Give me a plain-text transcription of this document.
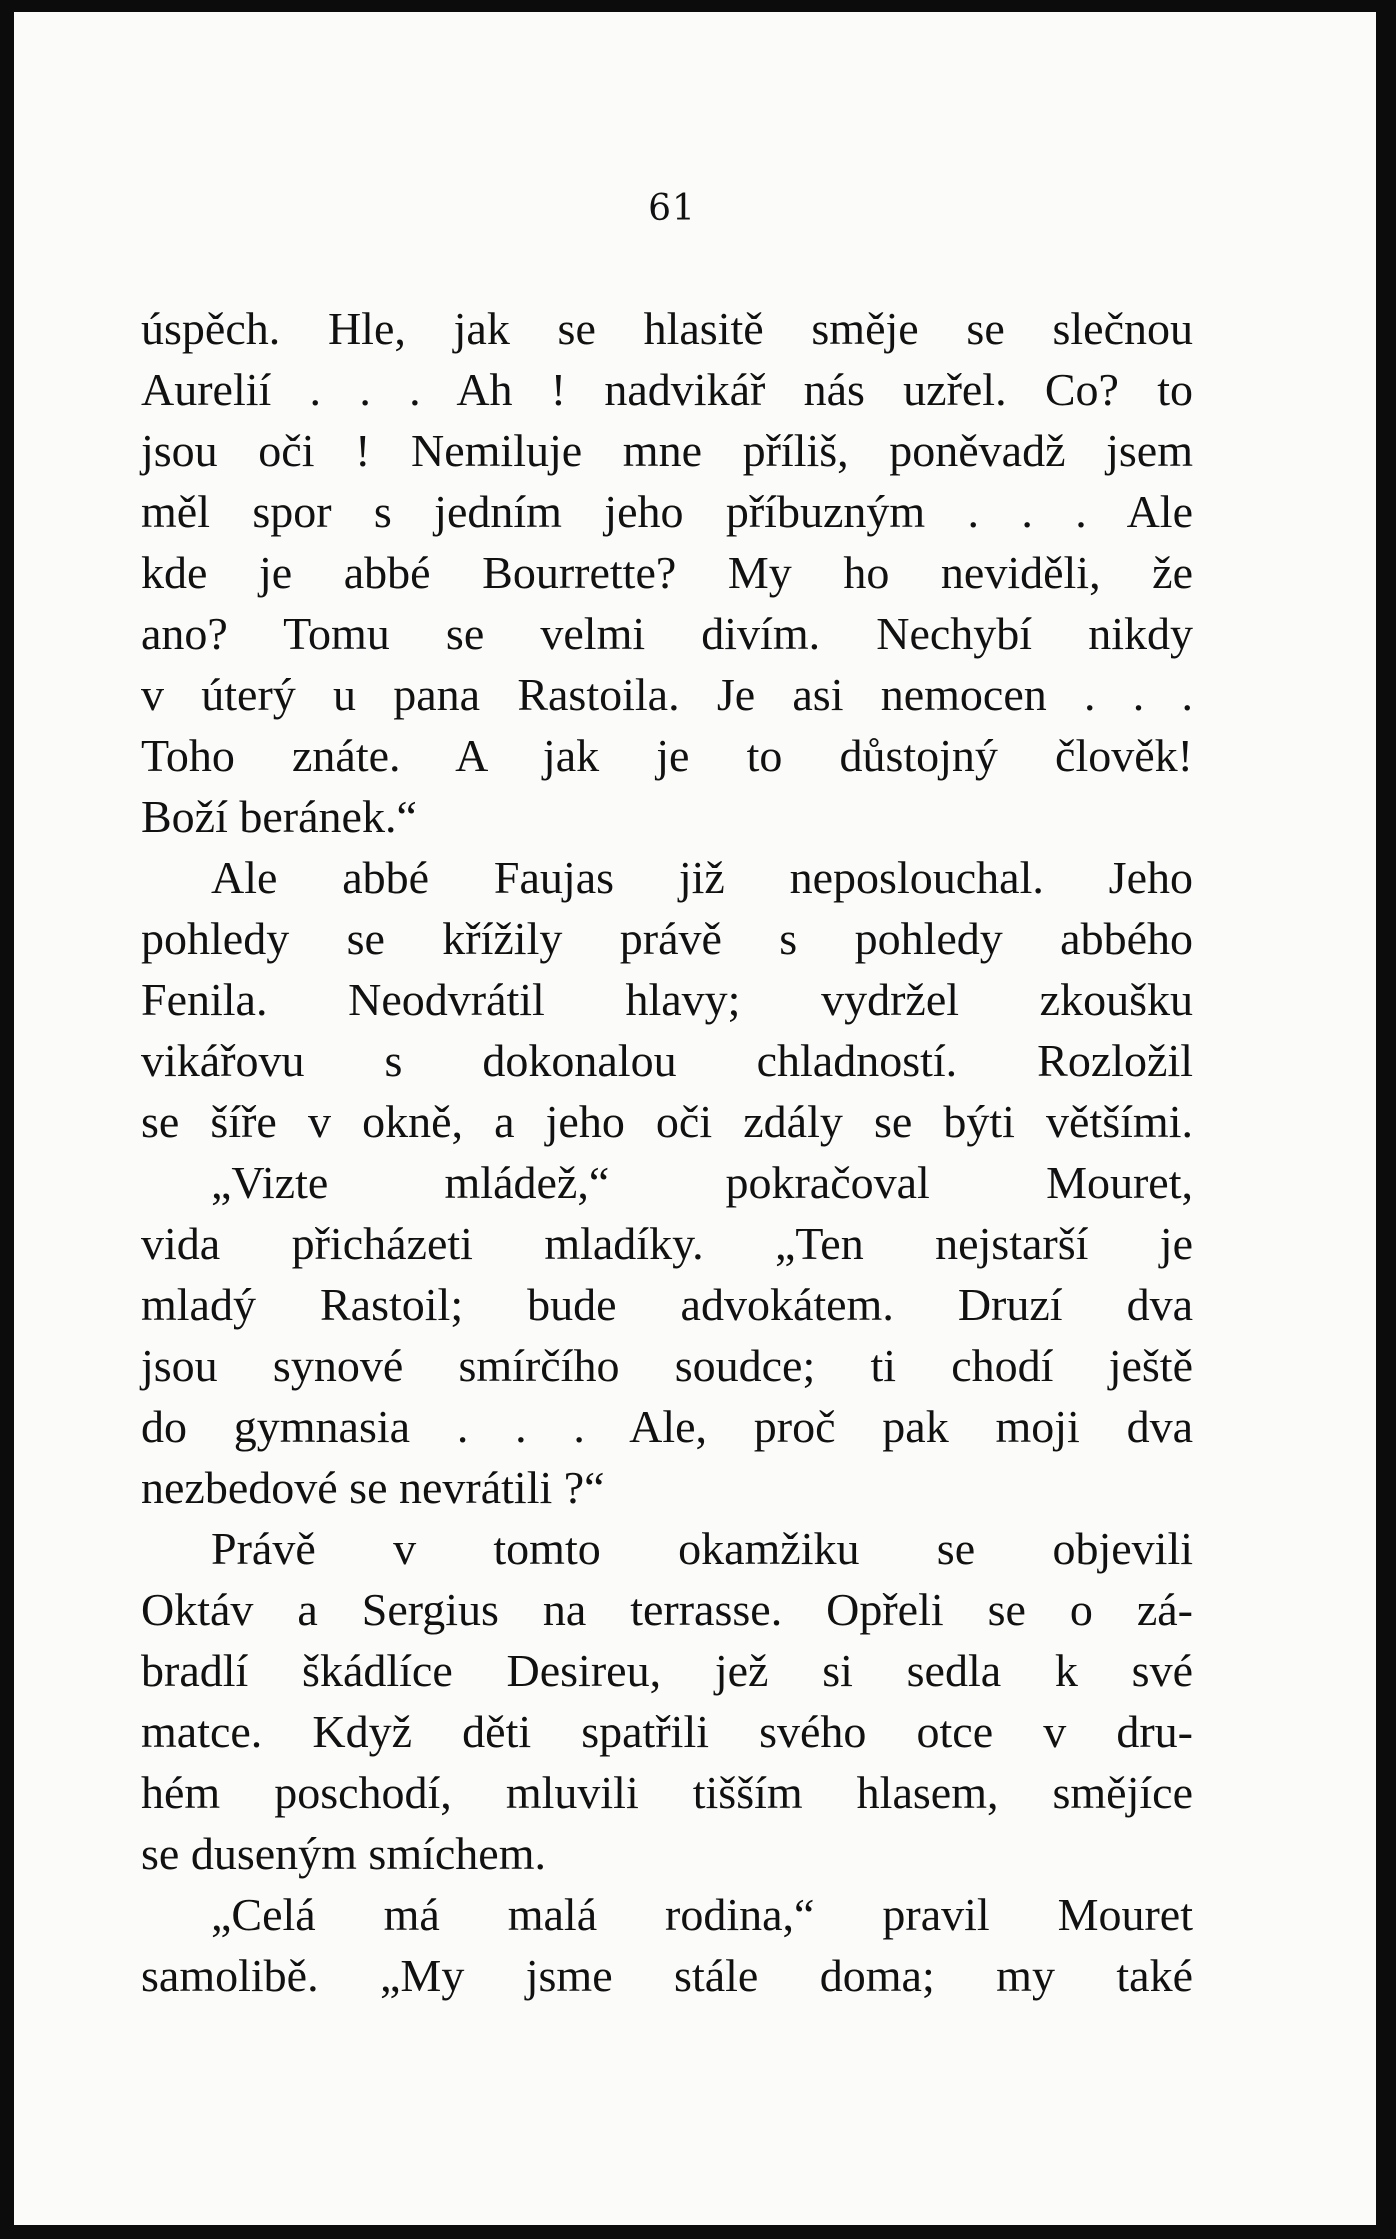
61
úspěch. Hle, jak se hlasitě směje se slečnou
Aurelií . . . Ah ! nadvikář nás uzřel. Co? to
jsou oči ! Nemiluje mne příliš, poněvadž jsem
měl spor s jedním jeho příbuzným . . . Ale
kde je abbé Bourrette? My ho neviděli, že
ano? Tomu se velmi divím. Nechybí nikdy
v úterý u pana Rastoila. Je asi nemocen . . .
Toho znáte. A jak je to důstojný člověk!
Boží beránek.“
Ale abbé Faujas již neposlouchal. Jeho
pohledy se křížily právě s pohledy abbého
Fenila. Neodvrátil hlavy; vydržel zkoušku
vikářovu s dokonalou chladností. Rozložil
se šíře v okně, a jeho oči zdály se býti většími.
„Vizte mládež,“ pokračoval Mouret,
vida přicházeti mladíky. „Ten nejstarší je
mladý Rastoil; bude advokátem. Druzí dva
jsou synové smírčího soudce; ti chodí ještě
do gymnasia . . . Ale, proč pak moji dva
nezbedové se nevrátili ?“
Právě v tomto okamžiku se objevili
Oktáv a Sergius na terrasse. Opřeli se o zá-
bradlí škádlíce Desireu, jež si sedla k své
matce. Když děti spatřili svého otce v dru-
hém poschodí, mluvili tišším hlasem, smějíce
se duseným smíchem.
„Celá má malá rodina,“ pravil Mouret
samolibě. „My jsme stále doma; my také
